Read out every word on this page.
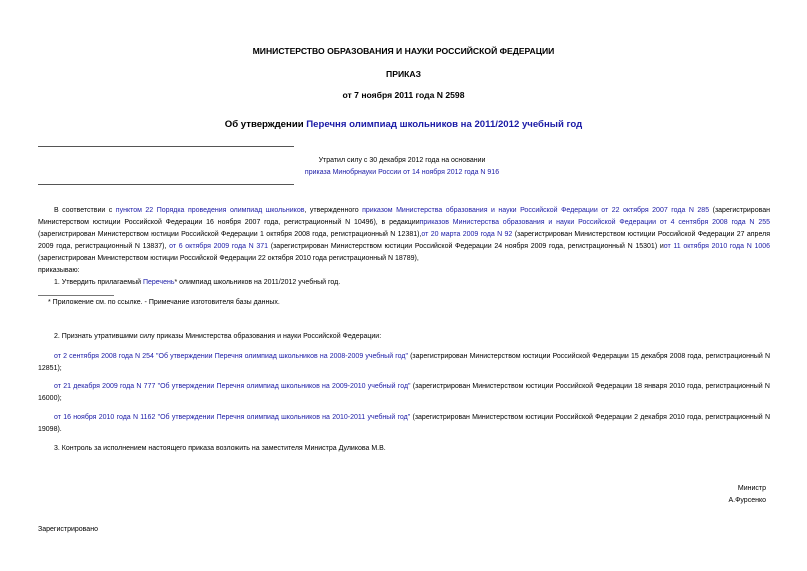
МИНИСТЕРСТВО ОБРАЗОВАНИЯ И НАУКИ РОССИЙСКОЙ ФЕДЕРАЦИИ
ПРИКАЗ
от 7 ноября 2011 года N 2598
Об утверждении Перечня олимпиад школьников на 2011/2012 учебный год
Утратил силу с 30 декабря 2012 года на основании
приказа Минобрнауки России от 14 ноября 2012 года N 916
В соответствии с пунктом 22 Порядка проведения олимпиад школьников, утвержденного приказом Министерства образования и науки Российской Федерации от 22 октября 2007 года N 285 (зарегистрирован Министерством юстиции Российской Федерации 16 ноября 2007 года, регистрационный N 10496), в редакцииприказов Министерства образования и науки Российской Федерации от 4 сентября 2008 года N 255 (зарегистрирован Министерством юстиции Российской Федерации 1 октября 2008 года, регистрационный N 12381),от 20 марта 2009 года N 92 (зарегистрирован Министерством юстиции Российской Федерации 27 апреля 2009 года, регистрационный N 13837), от 6 октября 2009 года N 371 (зарегистрирован Министерством юстиции Российской Федерации 24 ноября 2009 года, регистрационный N 15301) иот 11 октября 2010 года N 1006 (зарегистрирован Министерством юстиции Российской Федерации 22 октября 2010 года регистрационный N 18789),
приказываю:
1. Утвердить прилагаемый Перечень* олимпиад школьников на 2011/2012 учебный год.
* Приложение см. по ссылке. - Примечание изготовителя базы данных.
2. Признать утратившими силу приказы Министерства образования и науки Российской Федерации:
от 2 сентября 2008 года N 254 "Об утверждении Перечня олимпиад школьников на 2008-2009 учебный год" (зарегистрирован Министерством юстиции Российской Федерации 15 декабря 2008 года, регистрационный N 12851);
от 21 декабря 2009 года N 777 "Об утверждении Перечня олимпиад школьников на 2009-2010 учебный год" (зарегистрирован Министерством юстиции Российской Федерации 18 января 2010 года, регистрационный N 16000);
от 16 ноября 2010 года N 1162 "Об утверждении Перечня олимпиад школьников на 2010-2011 учебный год" (зарегистрирован Министерством юстиции Российской Федерации 2 декабря 2010 года, регистрационный N 19098).
3. Контроль за исполнением настоящего приказа возложить на заместителя Министра Дуликова М.В.
Министр
А.Фурсенко
Зарегистрировано
